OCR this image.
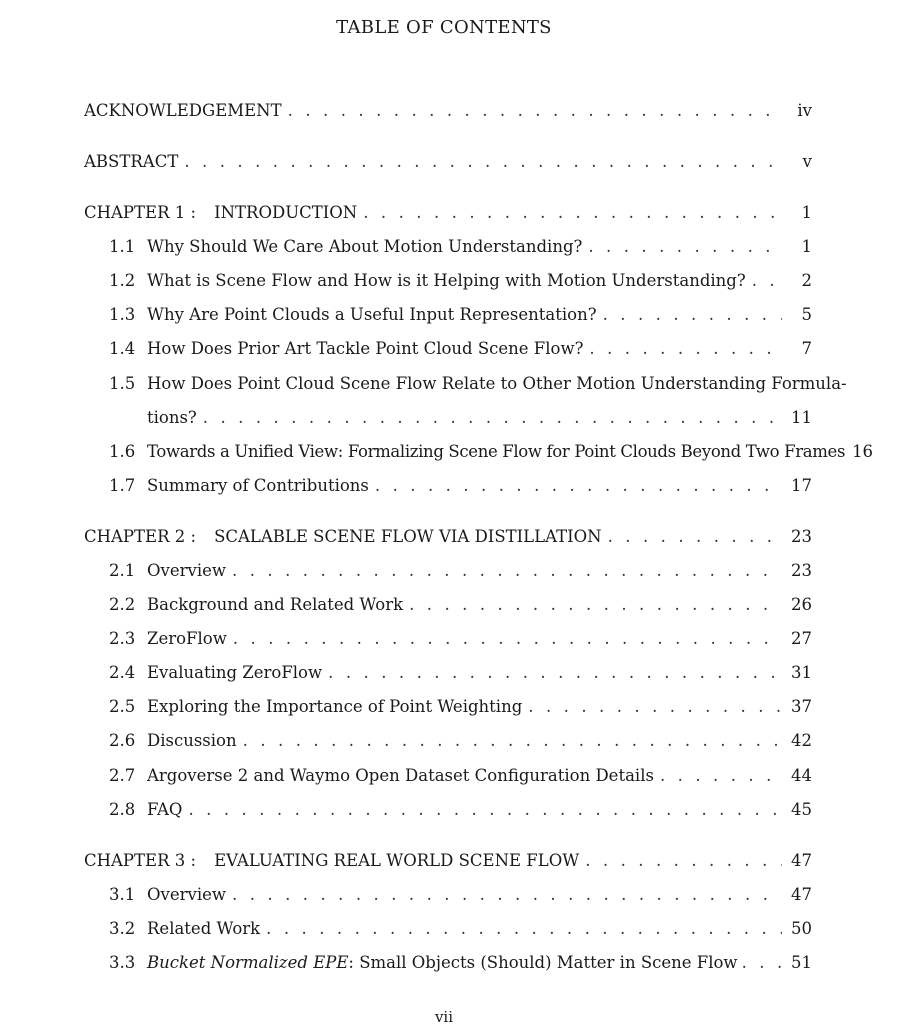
TABLE OF CONTENTS
ACKNOWLEDGEMENT . . .	iv
ABSTRACT . . .	v
CHAPTER 1 : INTRODUCTION . . .	1
1.1 Why Should We Care About Motion Understanding? . . .	1
1.2 What is Scene Flow and How is it Helping with Motion Understanding? . . .	2
1.3 Why Are Point Clouds a Useful Input Representation? . . .	5
1.4 How Does Prior Art Tackle Point Cloud Scene Flow? . . .	7
1.5 How Does Point Cloud Scene Flow Relate to Other Motion Understanding Formula-
tions? . . .	11
1.6 Towards a Unified View: Formalizing Scene Flow for Point Clouds Beyond Two Frames 16
1.7 Summary of Contributions . . .	17
CHAPTER 2 : SCALABLE SCENE FLOW VIA DISTILLATION . . .	23
2.1 Overview . . .	23
2.2 Background and Related Work . . .	26
2.3 ZeroFlow . . .	27
2.4 Evaluating ZeroFlow . . .	31
2.5 Exploring the Importance of Point Weighting . . .	37
2.6 Discussion . . .	42
2.7 Argoverse 2 and Waymo Open Dataset Configuration Details . . .	44
2.8 FAQ . . .	45
CHAPTER 3 : EVALUATING REAL WORLD SCENE FLOW . . .	47
3.1 Overview . . .	47
3.2 Related Work . . .	50
3.3 Bucket Normalized EPE: Small Objects (Should) Matter in Scene Flow . . .	51
vii
